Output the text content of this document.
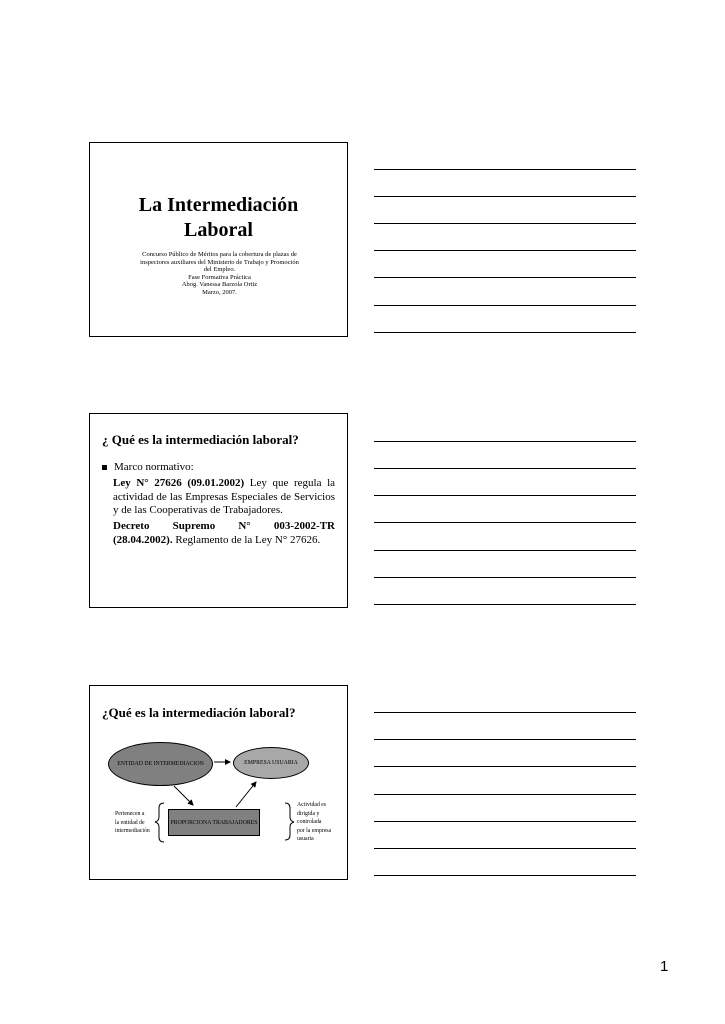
La Intermediación
Laboral
Concurso Público de Méritos para la cobertura de plazas de
inspectores auxiliares del Ministerio de Trabajo y Promoción
del Empleo.
Fase Formativa Práctica
Abog. Vanessa Barzola Ortiz
Marzo, 2007.
¿ Qué es la intermediación laboral?
Marco normativo:
Ley N° 27626 (09.01.2002) Ley que regula la actividad de las Empresas Especiales de Servicios y de las Cooperativas de Trabajadores.
Decreto Supremo N° 003-2002-TR (28.04.2002). Reglamento de la Ley N° 27626.
¿Qué es la intermediación laboral?
ENTIDAD DE INTERMEDIACION	EMPRESA USUARIA
PROPORCIONA TRABAJADORES
Pertenecen a
la entidad de
intermediación
Actividad es
dirigida y
controlada
por la empresa
usuaria
1
